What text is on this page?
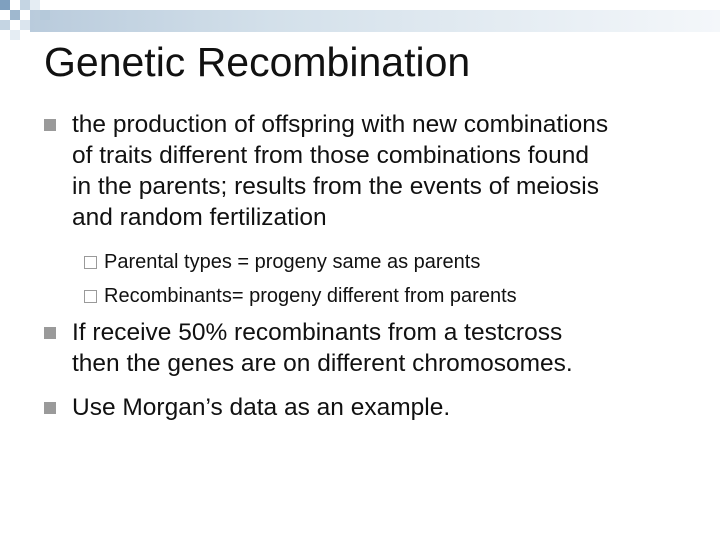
Genetic Recombination
the production of offspring with new combinations
of traits different from those combinations found
in the parents; results from the events of meiosis
and random fertilization
Parental types = progeny same as parents
Recombinants= progeny different from parents
If receive 50% recombinants from a testcross
then the genes are on different chromosomes.
Use Morgan’s data as an example.
